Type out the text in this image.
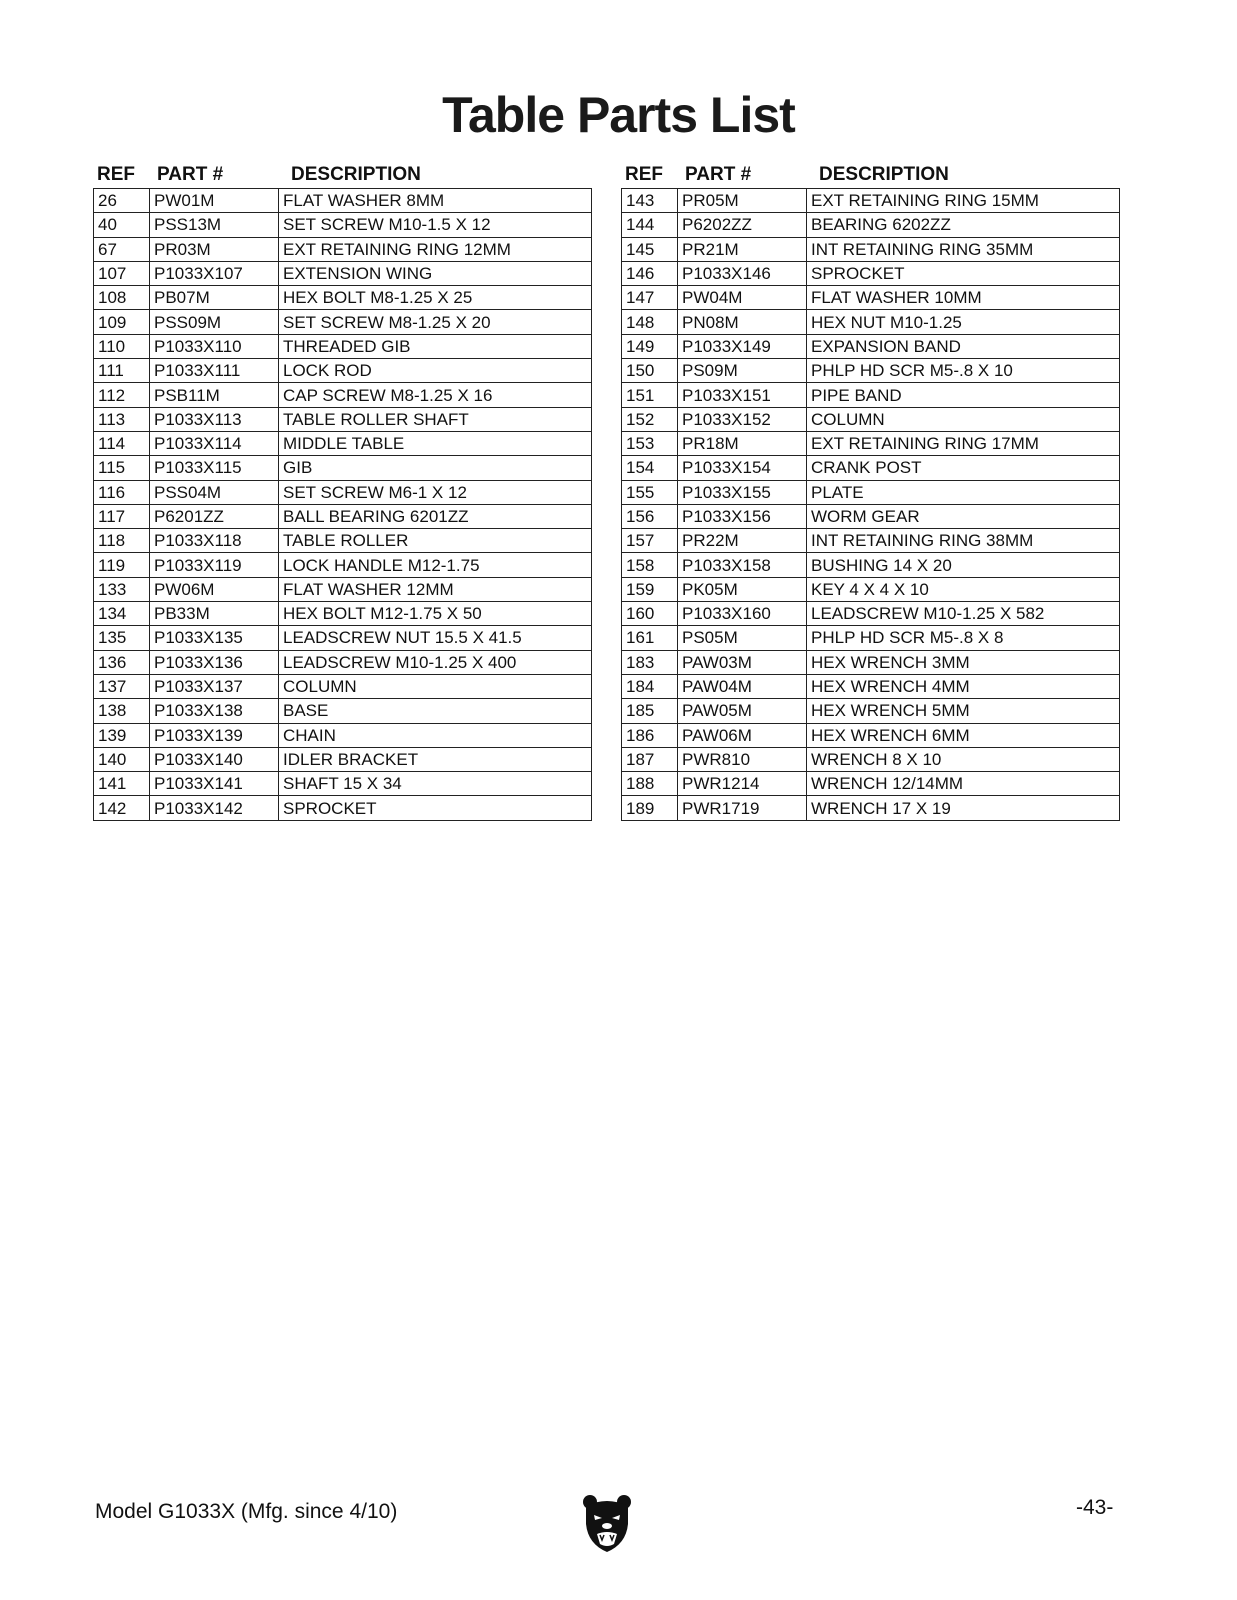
Table Parts List
REF	PART #	DESCRIPTION
26	PW01M	FLAT WASHER 8MM
40	PSS13M	SET SCREW M10-1.5 X 12
67	PR03M	EXT RETAINING RING 12MM
107	P1033X107	EXTENSION WING
108	PB07M	HEX BOLT M8-1.25 X 25
109	PSS09M	SET SCREW M8-1.25 X 20
110	P1033X110	THREADED GIB
111	P1033X111	LOCK ROD
112	PSB11M	CAP SCREW M8-1.25 X 16
113	P1033X113	TABLE ROLLER SHAFT
114	P1033X114	MIDDLE TABLE
115	P1033X115	GIB
116	PSS04M	SET SCREW M6-1 X 12
117	P6201ZZ	BALL BEARING 6201ZZ
118	P1033X118	TABLE ROLLER
119	P1033X119	LOCK HANDLE M12-1.75
133	PW06M	FLAT WASHER 12MM
134	PB33M	HEX BOLT M12-1.75 X 50
135	P1033X135	LEADSCREW NUT 15.5 X 41.5
136	P1033X136	LEADSCREW M10-1.25 X 400
137	P1033X137	COLUMN
138	P1033X138	BASE
139	P1033X139	CHAIN
140	P1033X140	IDLER BRACKET
141	P1033X141	SHAFT 15 X 34
142	P1033X142	SPROCKET
REF	PART #	DESCRIPTION
143	PR05M	EXT RETAINING RING 15MM
144	P6202ZZ	BEARING 6202ZZ
145	PR21M	INT RETAINING RING 35MM
146	P1033X146	SPROCKET
147	PW04M	FLAT WASHER 10MM
148	PN08M	HEX NUT M10-1.25
149	P1033X149	EXPANSION BAND
150	PS09M	PHLP HD SCR M5-.8 X 10
151	P1033X151	PIPE BAND
152	P1033X152	COLUMN
153	PR18M	EXT RETAINING RING 17MM
154	P1033X154	CRANK POST
155	P1033X155	PLATE
156	P1033X156	WORM GEAR
157	PR22M	INT RETAINING RING 38MM
158	P1033X158	BUSHING 14 X 20
159	PK05M	KEY 4 X 4 X 10
160	P1033X160	LEADSCREW M10-1.25 X 582
161	PS05M	PHLP HD SCR M5-.8 X 8
183	PAW03M	HEX WRENCH 3MM
184	PAW04M	HEX WRENCH 4MM
185	PAW05M	HEX WRENCH 5MM
186	PAW06M	HEX WRENCH 6MM
187	PWR810	WRENCH 8 X 10
188	PWR1214	WRENCH 12/14MM
189	PWR1719	WRENCH 17 X 19
Model G1033X (Mfg. since 4/10)	-43-
